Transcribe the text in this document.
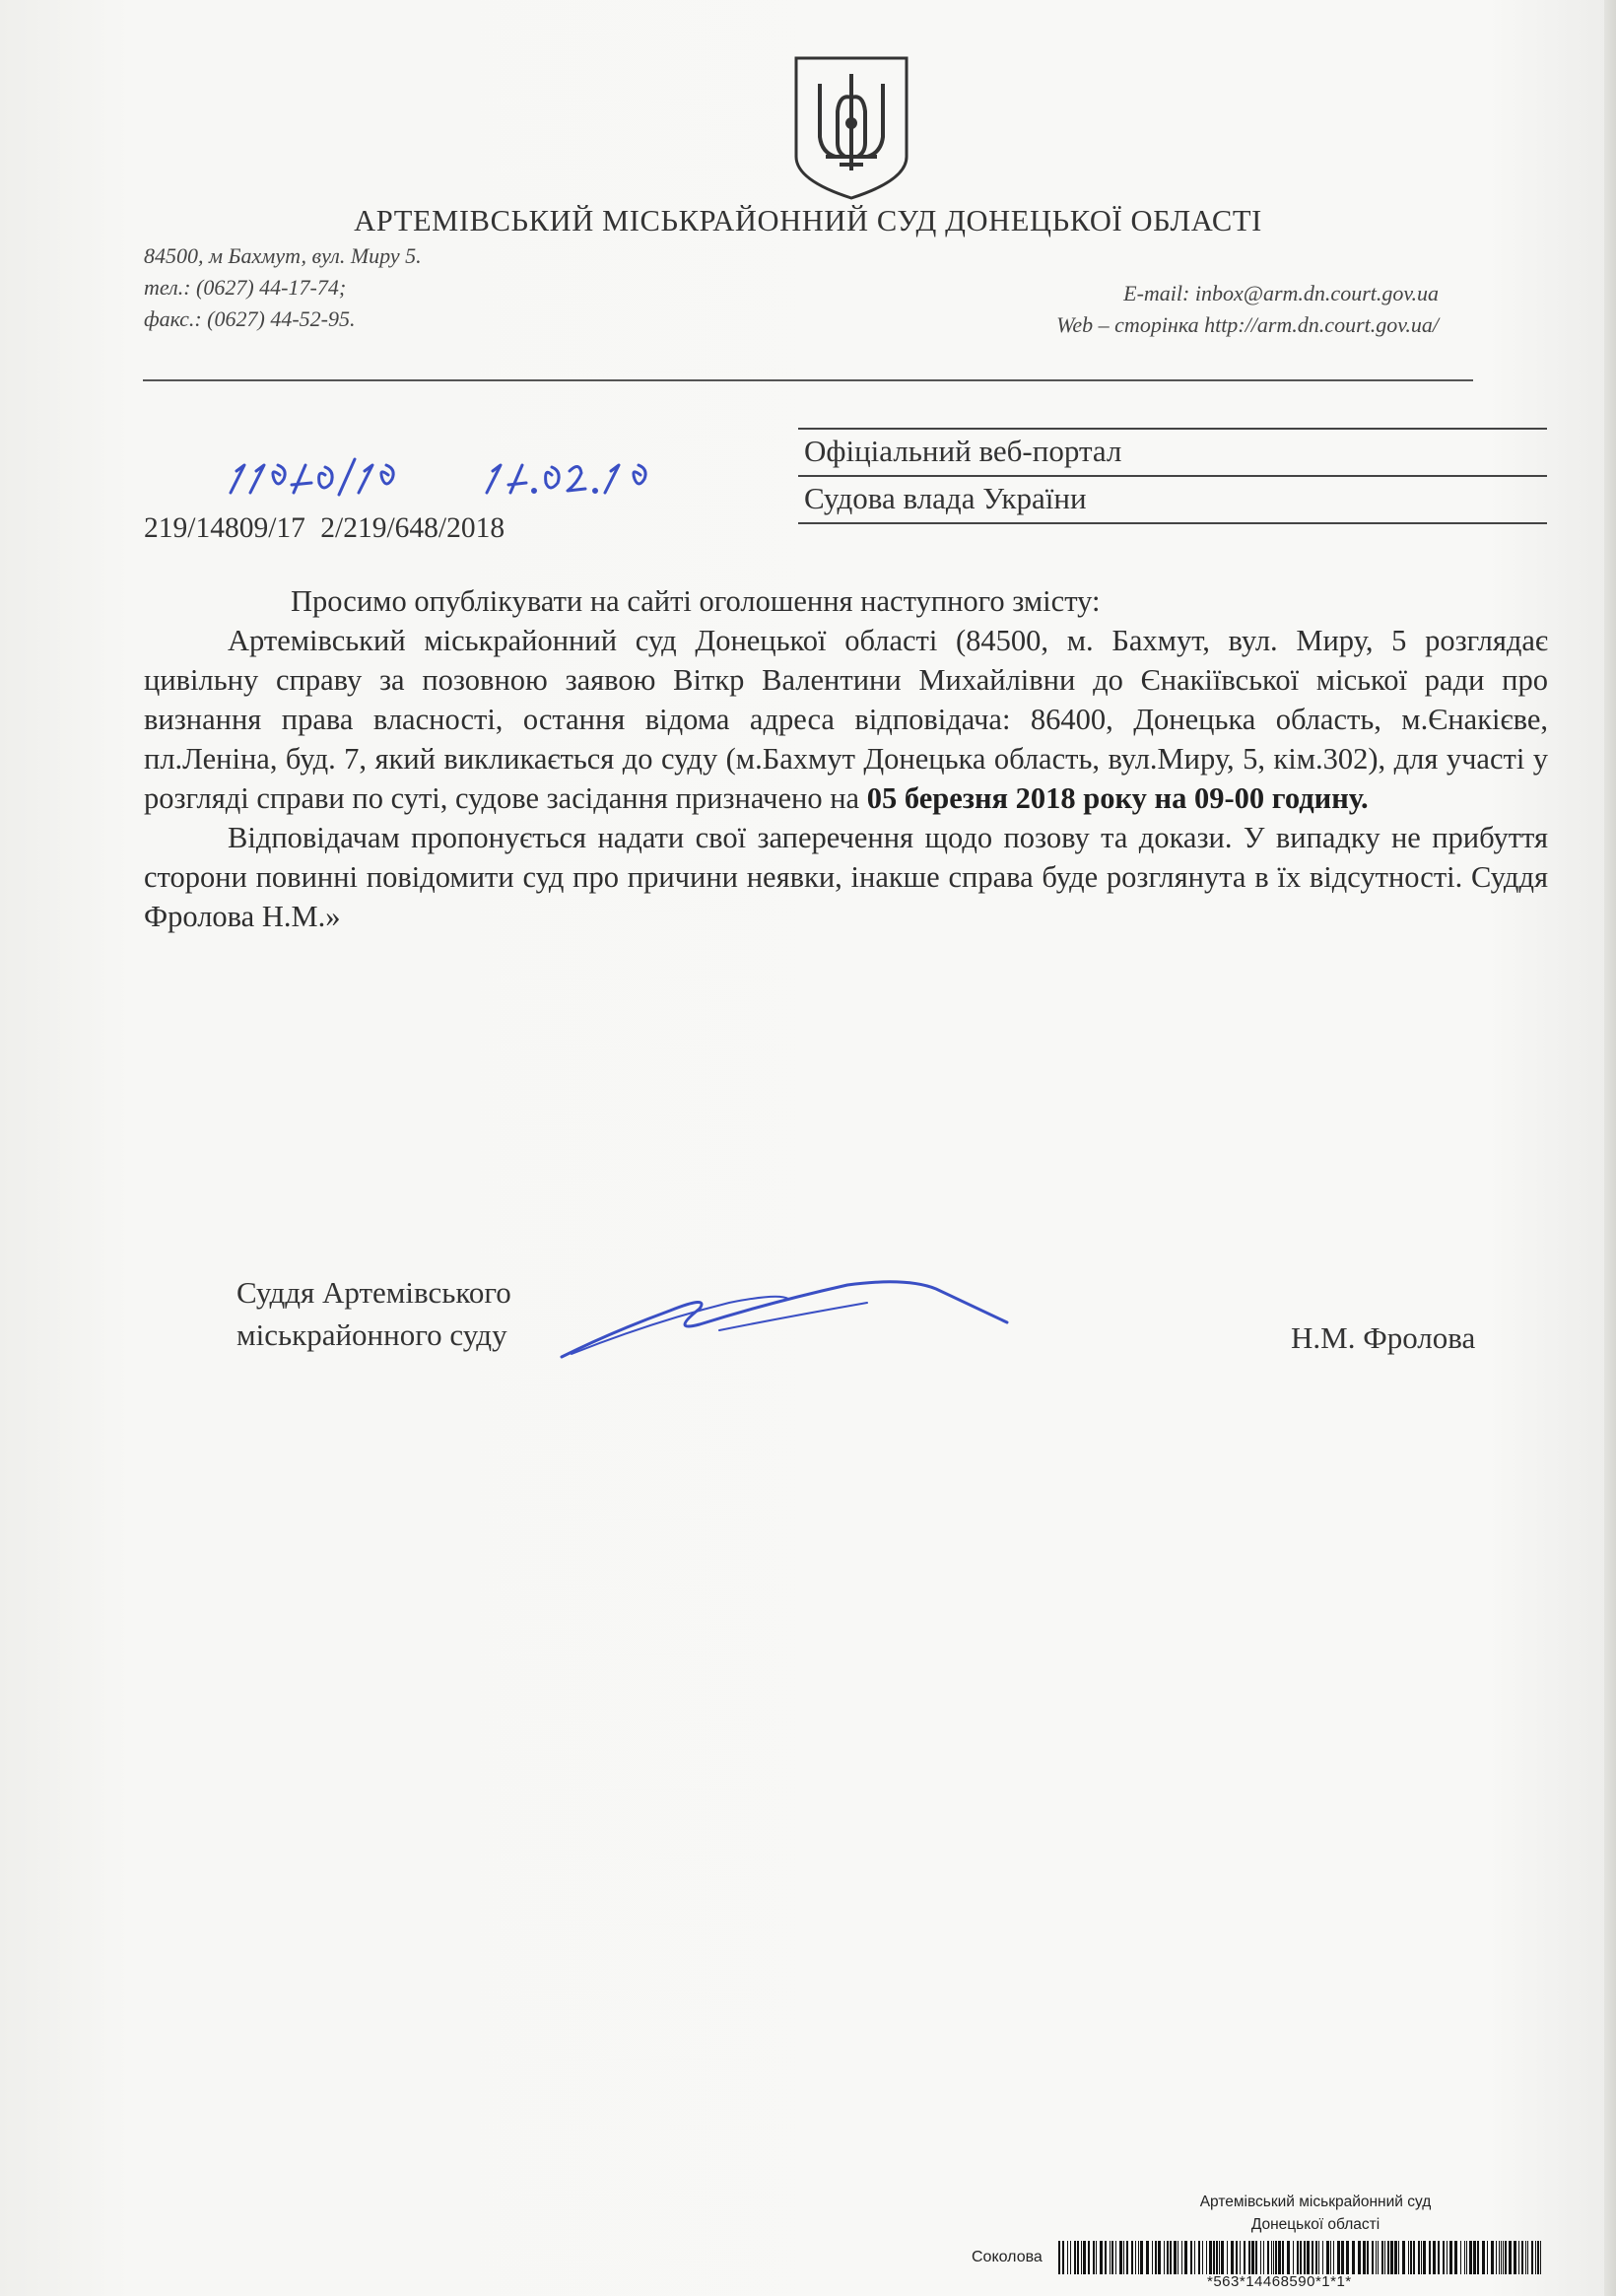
АРТЕМІВСЬКИЙ МІСЬКРАЙОННИЙ СУД ДОНЕЦЬКОЇ ОБЛАСТІ
84500, м Бахмут, вул. Миру 5.
тел.: (0627) 44-17-74;
факс.: (0627) 44-52-95.
E-mail: inbox@arm.dn.court.gov.ua
Web – сторінка http://arm.dn.court.gov.ua/
219/14809/17 2/219/648/2018
Офіціальний веб-портал
Судова влада України

Просимо опублікувати на сайті оголошення наступного змісту:

Артемівський міськрайонний суд Донецької області (84500, м. Бахмут, вул. Миру, 5 розглядає цивільну справу за позовною заявою Віткр Валентини Михайлівни до Єнакіївської міської ради про визнання права власності, остання відома адреса відповідача: 86400, Донецька область, м.Єнакієве, пл.Леніна, буд. 7, який викликається до суду (м.Бахмут Донецька область, вул.Миру, 5, кім.302), для участі у розгляді справи по суті, судове засідання призначено на 05 березня 2018 року на 09-00 годину.

Відповідачам пропонується надати свої заперечення щодо позову та докази. У випадку не прибуття сторони повинні повідомити суд про причини неявки, інакше справа буде розглянута в їх відсутності. Суддя Фролова Н.М.»

Суддя Артемівського
міськрайонного суду	Н.М. Фролова
Артемівський міськрайонний суд
Донецької області
Соколова
*563*14468590*1*1*
